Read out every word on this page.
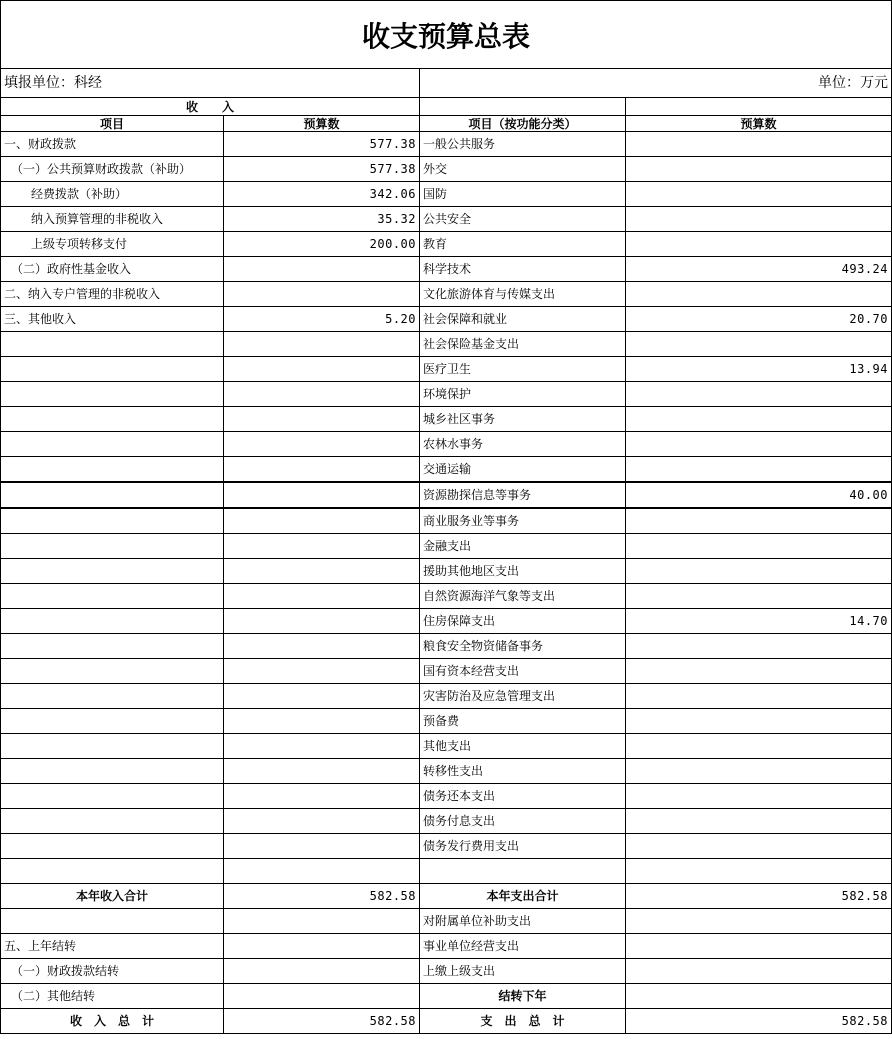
收支预算总表
填报单位：科经		单位：万元	
收　　入			
项目	预算数	项目（按功能分类）	预算数
一、财政拨款	577.38	一般公共服务	
（一）公共预算财政拨款（补助）	577.38	外交	
经费拨款（补助）	342.06	国防	
纳入预算管理的非税收入	35.32	公共安全	
上级专项转移支付	200.00	教育	
（二）政府性基金收入		科学技术	493.24
二、纳入专户管理的非税收入		文化旅游体育与传媒支出	
三、其他收入	5.20	社会保障和就业	20.70
		社会保险基金支出	
		医疗卫生	13.94
		环境保护	
		城乡社区事务	
		农林水事务	
		交通运输	
		资源勘探信息等事务	40.00
		商业服务业等事务	
		金融支出	
		援助其他地区支出	
		自然资源海洋气象等支出	
		住房保障支出	14.70
		粮食安全物资储备事务	
		国有资本经营支出	
		灾害防治及应急管理支出	
		预备费	
		其他支出	
		转移性支出	
		债务还本支出	
		债务付息支出	
		债务发行费用支出	

本年收入合计	582.58	本年支出合计	582.58
		对附属单位补助支出	
五、上年结转		事业单位经营支出	
（一）财政拨款结转		上缴上级支出	
（二）其他结转		结转下年	
收　入　总　计	582.58	支　出　总　计	582.58
